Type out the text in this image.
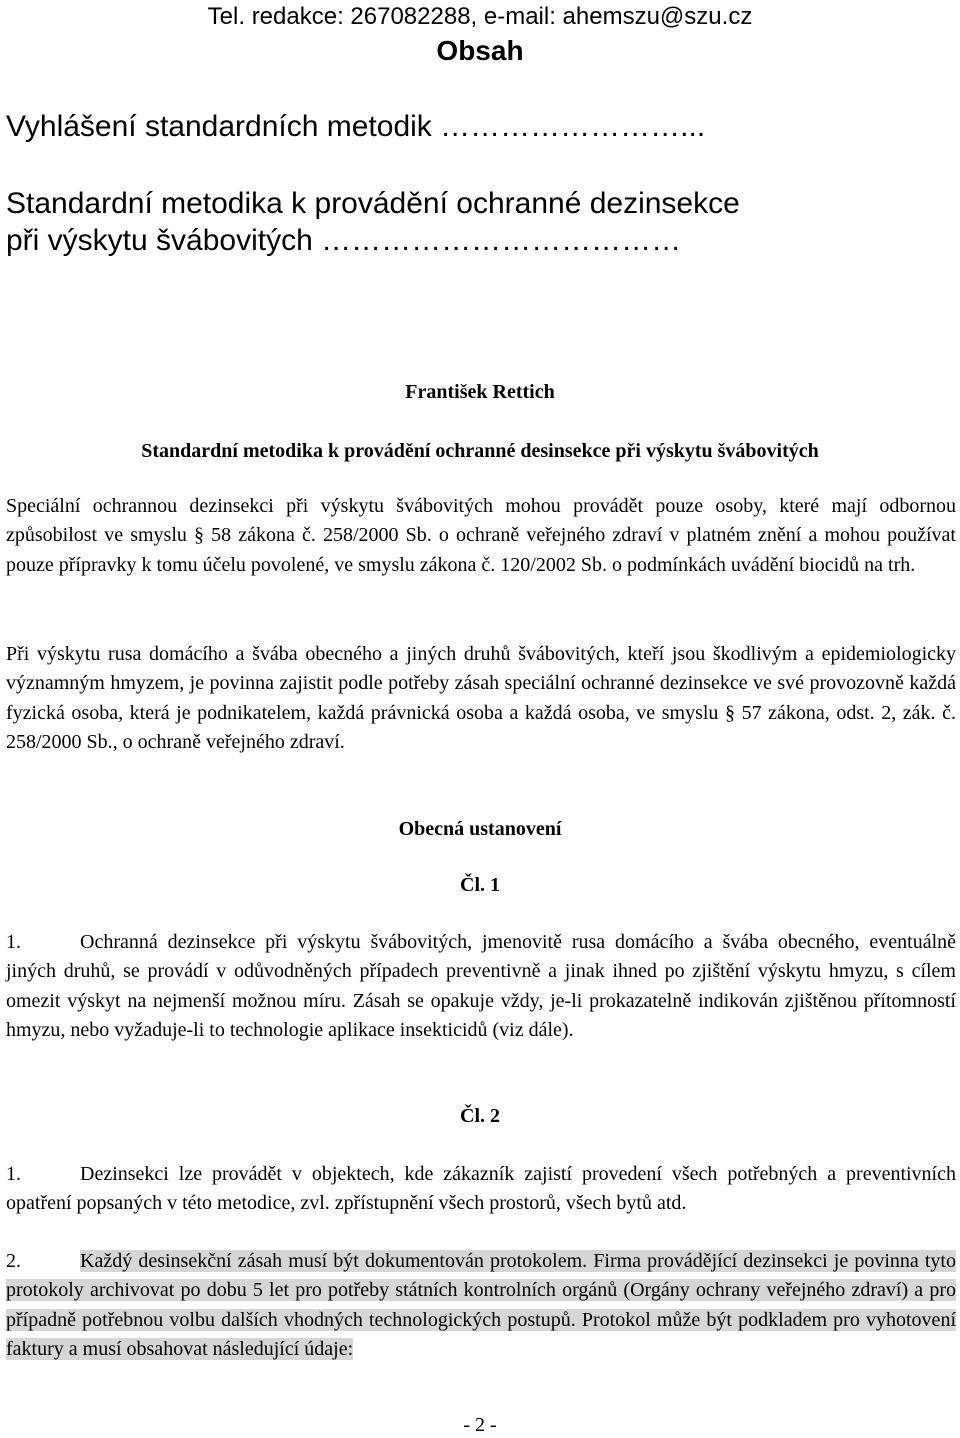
Tel. redakce: 267082288, e-mail: ahemszu@szu.cz
Obsah
Vyhlášení standardních metodik ……………………...
Standardní metodika k provádění ochranné dezinsekce
při výskytu švábovitých ………………………………
František Rettich
Standardní metodika k provádění ochranné desinsekce při výskytu švábovitých
Speciální ochrannou dezinsekci při výskytu švábovitých mohou provádět pouze osoby, které mají odbornou způsobilost ve smyslu § 58 zákona č. 258/2000 Sb. o ochraně veřejného zdraví v platném znění a mohou používat pouze přípravky k tomu účelu povolené, ve smyslu zákona č. 120/2002 Sb. o podmínkách uvádění biocidů na trh.
Při výskytu rusa domácího a švába obecného a jiných druhů švábovitých, kteří jsou škodlivým a epidemiologicky významným hmyzem, je povinna zajistit podle potřeby zásah speciální ochranné dezinsekce ve své provozovně každá fyzická osoba, která je podnikatelem, každá právnická osoba a každá osoba, ve smyslu § 57 zákona, odst. 2, zák. č. 258/2000 Sb., o ochraně veřejného zdraví.
Obecná ustanovení
Čl. 1
1.	Ochranná dezinsekce při výskytu švábovitých, jmenovitě rusa domácího a švába obecného, eventuálně jiných druhů, se provádí v odůvodněných případech preventivně a jinak ihned po zjištění výskytu hmyzu, s cílem omezit výskyt na nejmenší možnou míru. Zásah se opakuje vždy, je-li prokazatelně indikován zjištěnou přítomností hmyzu, nebo vyžaduje-li to technologie aplikace insekticidů (viz dále).
Čl. 2
1.	Dezinsekci lze provádět v objektech, kde zákazník zajistí provedení všech potřebných a preventivních opatření popsaných v této metodice, zvl. zpřístupnění všech prostorů, všech bytů atd.
2.	Každý desinsekční zásah musí být dokumentován protokolem. Firma provádějící dezinsekci je povinna tyto protokoly archivovat po dobu 5 let pro potřeby státních kontrolních orgánů (Orgány ochrany veřejného zdraví) a pro případně potřebnou volbu dalších vhodných technologických postupů. Protokol může být podkladem pro vyhotovení faktury a musí obsahovat následující údaje:
- 2 -
